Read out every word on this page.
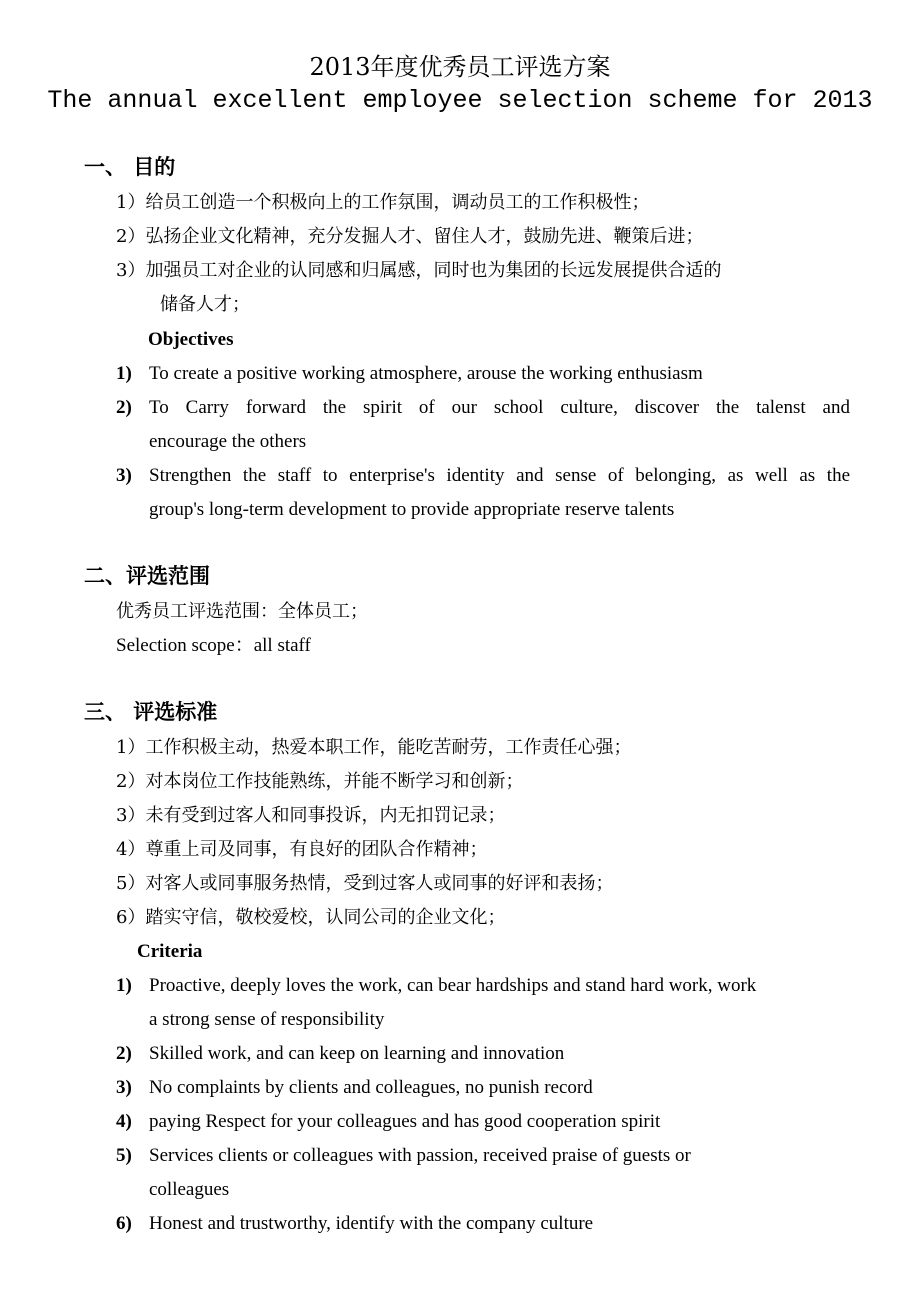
2013年度优秀员工评选方案
The annual excellent employee selection scheme for 2013
一、 目的
1）给员工创造一个积极向上的工作氛围，调动员工的工作积极性；
2）弘扬企业文化精神，充分发掘人才、留住人才，鼓励先进、鞭策后进；
3）加强员工对企业的认同感和归属感，同时也为集团的长远发展提供合适的
储备人才；
Objectives
1) To create a positive working atmosphere, arouse the working enthusiasm
2) To Carry forward the spirit of our school culture, discover the talenst and
encourage the others
3) Strengthen the staff to enterprise's identity and sense of belonging, as well as the
group's long-term development to provide appropriate reserve talents
二、评选范围
优秀员工评选范围：全体员工；
Selection scope：all staff
三、 评选标准
1）工作积极主动，热爱本职工作，能吃苦耐劳，工作责任心强；
2）对本岗位工作技能熟练，并能不断学习和创新；
3）未有受到过客人和同事投诉，内无扣罚记录；
4）尊重上司及同事，有良好的团队合作精神；
5）对客人或同事服务热情，受到过客人或同事的好评和表扬；
6）踏实守信，敬校爱校，认同公司的企业文化；
Criteria
1) Proactive, deeply loves the work, can bear hardships and stand hard work, work
a strong sense of responsibility
2) Skilled work, and can keep on learning and innovation
3) No complaints by clients and colleagues, no punish record
4) paying Respect for your colleagues and has good cooperation spirit
5) Services clients or colleagues with passion, received praise of guests or
colleagues
6) Honest and trustworthy, identify with the company culture
